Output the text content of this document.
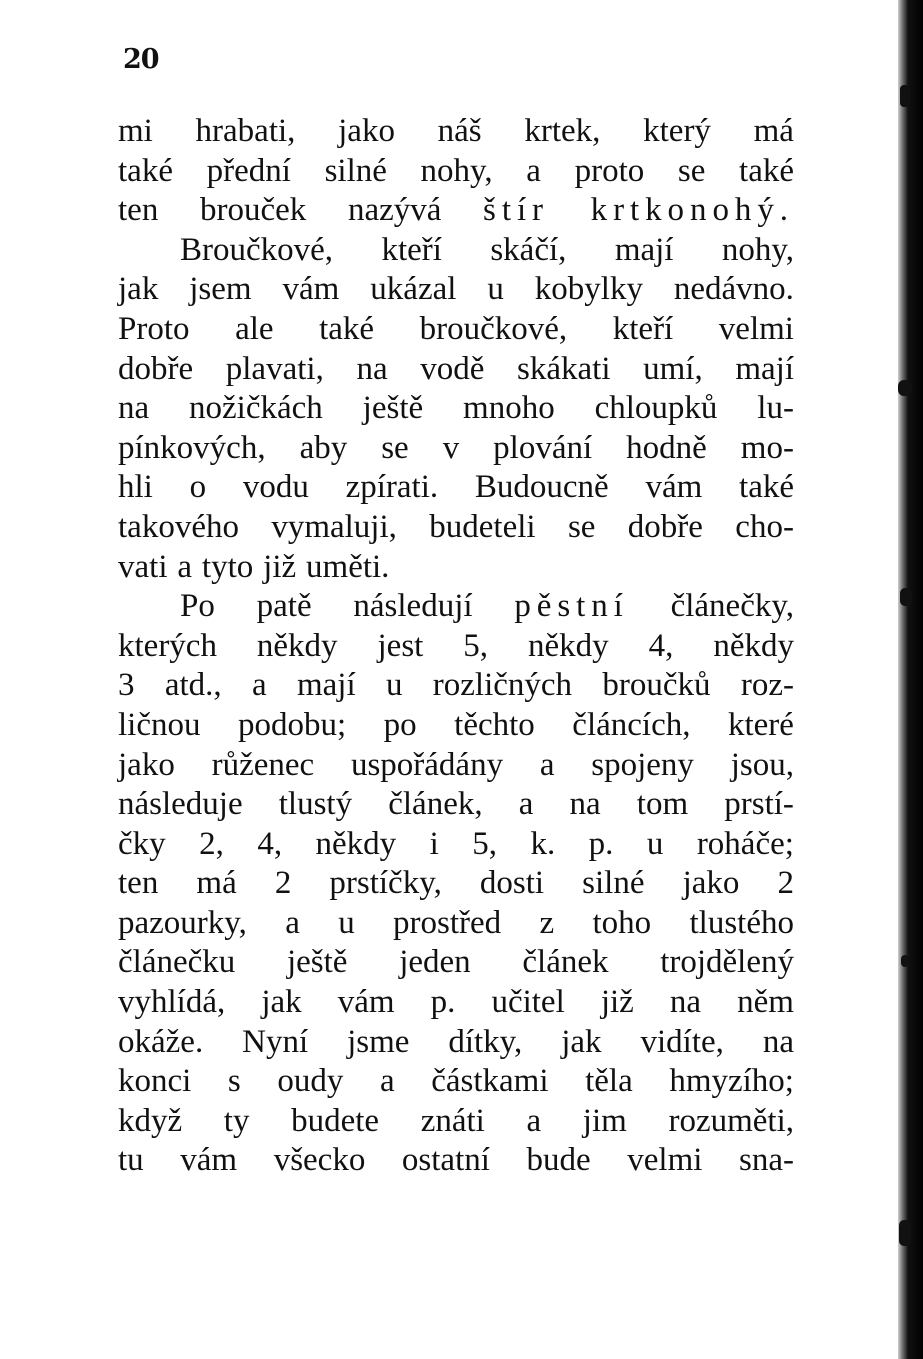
20
mi hrabati, jako náš krtek, který má
také přední silné nohy, a proto se také
ten brouček nazývá štír krtkonohý.
Broučkové, kteří skáčí, mají nohy,
jak jsem vám ukázal u kobylky nedávno.
Proto ale také broučkové, kteří velmi
dobře plavati, na vodě skákati umí, mají
na nožičkách ještě mnoho chloupků lu-
pínkových, aby se v plování hodně mo-
hli o vodu zpírati. Budoucně vám také
takového vymaluji, budeteli se dobře cho-
vati a tyto již uměti.
Po patě následují pěstní článečky,
kterých někdy jest 5, někdy 4, někdy
3 atd., a mají u rozličných broučků roz-
ličnou podobu; po těchto článcích, které
jako růženec uspořádány a spojeny jsou,
následuje tlustý článek, a na tom prstí-
čky 2, 4, někdy i 5, k. p. u roháče;
ten má 2 prstíčky, dosti silné jako 2
pazourky, a u prostřed z toho tlustého
článečku ještě jeden článek trojdělený
vyhlídá, jak vám p. učitel již na něm
okáže. Nyní jsme dítky, jak vidíte, na
konci s oudy a částkami těla hmyzího;
když ty budete znáti a jim rozuměti,
tu vám všecko ostatní bude velmi sna-
